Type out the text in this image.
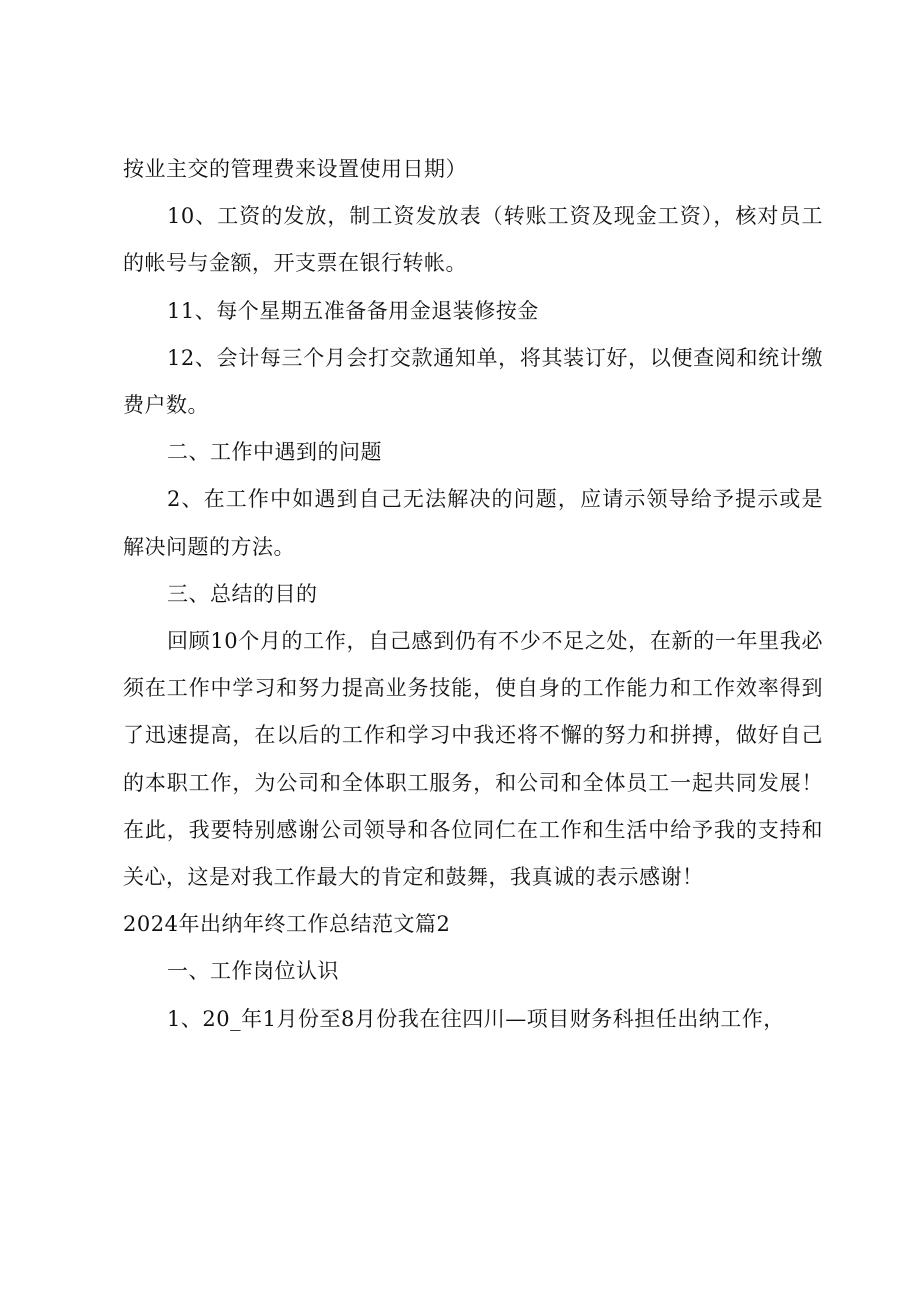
按业主交的管理费来设置使用日期）

10、工资的发放，制工资发放表（转账工资及现金工资），核对员工的帐号与金额，开支票在银行转帐。

11、每个星期五准备备用金退装修按金

12、会计每三个月会打交款通知单，将其装订好，以便查阅和统计缴费户数。

二、工作中遇到的问题

2、在工作中如遇到自己无法解决的问题，应请示领导给予提示或是解决问题的方法。

三、总结的目的

回顾10个月的工作，自己感到仍有不少不足之处，在新的一年里我必须在工作中学习和努力提高业务技能，使自身的工作能力和工作效率得到了迅速提高，在以后的工作和学习中我还将不懈的努力和拼搏，做好自己的本职工作，为公司和全体职工服务，和公司和全体员工一起共同发展！在此，我要特别感谢公司领导和各位同仁在工作和生活中给予我的支持和关心，这是对我工作最大的肯定和鼓舞，我真诚的表示感谢！

2024年出纳年终工作总结范文篇2

一、工作岗位认识

1、20_年1月份至8月份我在往四川—项目财务科担任出纳工作，
